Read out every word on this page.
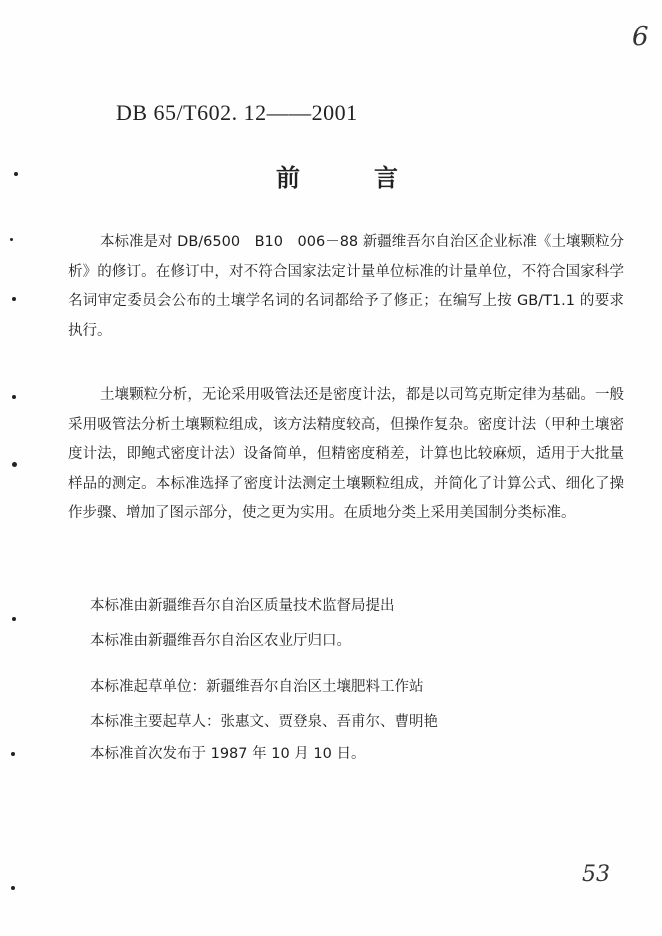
6
DB 65/T602. 12——2001
前言

本标准是对 DB/6500　B10　006－88 新疆维吾尔自治区企业标准《土壤颗粒分析》的修订。在修订中，对不符合国家法定计量单位标准的计量单位，不符合国家科学名词审定委员会公布的土壤学名词的名词都给予了修正；在编写上按 GB/T1.1 的要求执行。

土壤颗粒分析，无论采用吸管法还是密度计法，都是以司笃克斯定律为基础。一般采用吸管法分析土壤颗粒组成，该方法精度较高，但操作复杂。密度计法（甲种土壤密度计法，即鲍式密度计法）设备简单，但精密度稍差，计算也比较麻烦，适用于大批量样品的测定。本标准选择了密度计法测定土壤颗粒组成，并简化了计算公式、细化了操作步骤、增加了图示部分，使之更为实用。在质地分类上采用美国制分类标准。

本标准由新疆维吾尔自治区质量技术监督局提出
本标准由新疆维吾尔自治区农业厅归口。
本标准起草单位：新疆维吾尔自治区土壤肥料工作站
本标准主要起草人：张惠文、贾登泉、吾甫尔、曹明艳
本标准首次发布于 1987 年 10 月 10 日。
53
